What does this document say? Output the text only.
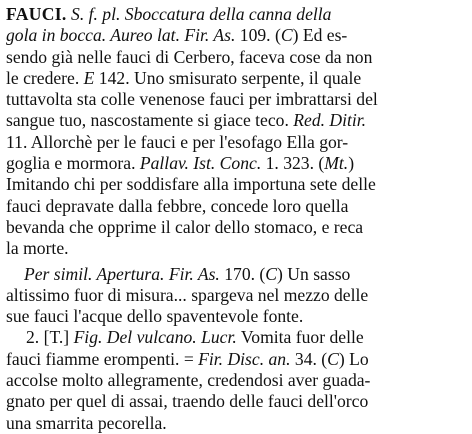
FAUCI. S. f. pl. Sboccatura della canna della
gola in bocca. Aureo lat. Fir. As. 109. (C) Ed es-
sendo già nelle fauci di Cerbero, faceva cose da non
le credere. E 142. Uno smisurato serpente, il quale
tuttavolta sta colle venenose fauci per imbrattarsi del
sangue tuo, nascostamente si giace teco. Red. Ditir.
11. Allorchè per le fauci e per l'esofago Ella gor-
goglia e mormora. Pallav. Ist. Conc. 1. 323. (Mt.)
Imitando chi per soddisfare alla importuna sete delle
fauci depravate dalla febbre, concede loro quella
bevanda che opprime il calor dello stomaco, e reca
la morte.
Per simil. Apertura. Fir. As. 170. (C) Un sasso
altissimo fuor di misura... spargeva nel mezzo delle
sue fauci l'acque dello spaventevole fonte.
2. [T.] Fig. Del vulcano. Lucr. Vomita fuor delle
fauci fiamme erompenti. = Fir. Disc. an. 34. (C) Lo
accolse molto allegramente, credendosi aver guada-
gnato per quel di assai, traendo delle fauci dell'orco
una smarrita pecorella.
